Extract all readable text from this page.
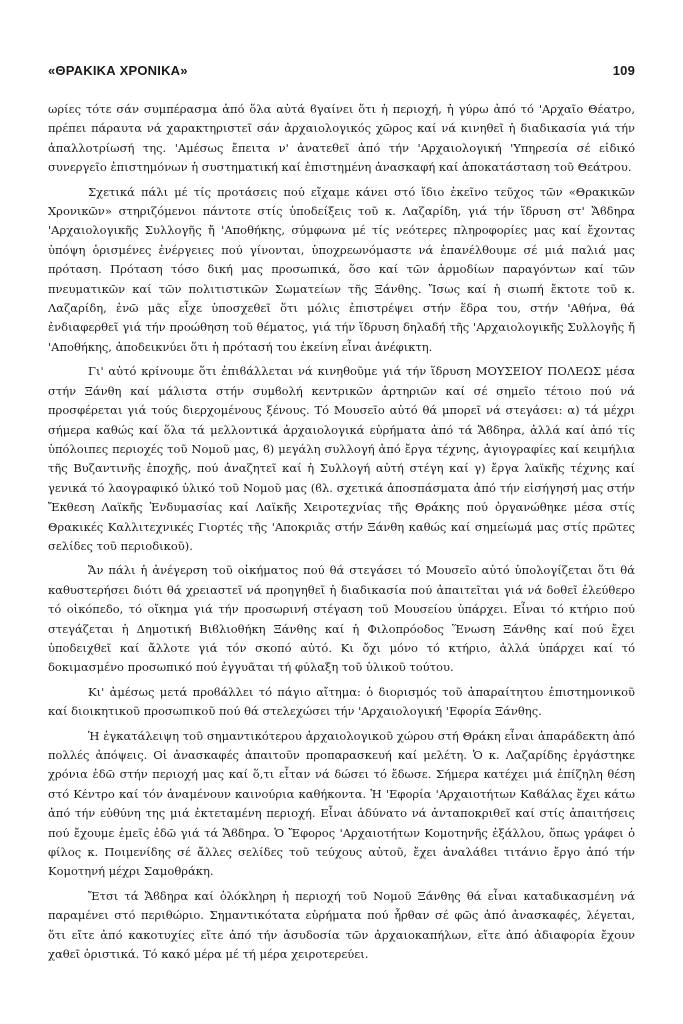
«ΘΡΑΚΙΚΑ ΧΡΟΝΙΚΑ»	109

ωρίες τότε σάν συμπέρασμα ἀπό ὅλα αὐτά ϐγαίνει ὅτι ἡ περιοχή, ἡ γύρω ἀπό τό 'Αρχαῖο Θέατρο, πρέπει πάραυτα νά χαρακτηριστεῖ σάν ἀρχαιολογικός χῶρος καί νά κινηθεῖ ἡ διαδικασία γιά τήν ἀπαλλοτρίωσή της. 'Αμέσως ἔπειτα ν' ἀνατεθεῖ ἀπό τήν 'Αρχαιολογική 'Υπηρεσία σέ εἰδικό συνεργεῖο ἐπιστημόνων ἡ συστηματική καί ἐπιστημένη ἀνασκαφή καί ἀποκατάσταση τοῦ Θεάτρου.

Σχετικά πάλι μέ τίς προτάσεις πού εἴχαμε κάνει στό ἴδιο ἐκεῖνο τεῦχος τῶν «Θρακικῶν Χρονικῶν» στηριζόμενοι πάντοτε στίς ὑποδείξεις τοῦ κ. Λαζαρίδη, γιά τήν ἵδρυση στ' Ἄϐδηρα 'Αρχαιολογικῆς Συλλογῆς ἤ 'Αποθήκης, σύμφωνα μέ τίς νεότερες πληροφορίες μας καί ἔχοντας ὑπόψη ὁρισμένες ἐνέργειες πού γίνονται, ὑποχρεωνόμαστε νά ἐπανέλθουμε σέ μιά παλιά μας πρόταση. Πρόταση τόσο δική μας προσωπικά, ὅσο καί τῶν ἁρμοδίων παραγόντων καί τῶν πνευματικῶν καί τῶν πολιτιστικῶν Σωματείων τῆς Ξάνθης. Ἴσως καί ἡ σιωπή ἔκτοτε τοῦ κ. Λαζαρίδη, ἐνῶ μᾶς εἶχε ὑποσχεθεῖ ὅτι μόλις ἐπιστρέψει στήν ἕδρα του, στήν 'Αθήνα, θά ἐνδιαφερθεῖ γιά τήν προώθηση τοῦ θέματος, γιά τήν ἵδρυση δηλαδή τῆς 'Αρχαιολογικῆς Συλλογῆς ἤ 'Αποθήκης, ἀποδεικνύει ὅτι ἡ πρότασή του ἐκείνη εἶναι ἀνέφικτη.

Γι' αὐτό κρίνουμε ὅτι ἐπιϐάλλεται νά κινηθοῦμε γιά τήν ἵδρυση ΜΟΥΣΕΙΟΥ ΠΟΛΕΩΣ μέσα στήν Ξάνθη καί μάλιστα στήν συμϐολή κεντρικῶν ἀρτηριῶν καί σέ σημεῖο τέτοιο πού νά προσφέρεται γιά τούς διερχομένους ξένους. Τό Μουσεῖο αὐτό θά μπορεῖ νά στεγάσει: α) τά μέχρι σήμερα καθώς καί ὅλα τά μελλοντικά ἀρχαιολογικά εὑρήματα ἀπό τά Ἄϐδηρα, ἀλλά καί ἀπό τίς ὑπόλοιπες περιοχές τοῦ Νομοῦ μας, ϐ) μεγάλη συλλογή ἀπό ἔργα τέχνης, ἁγιογραφίες καί κειμήλια τῆς Βυζαντινῆς ἐποχῆς, πού ἀναζητεῖ καί ἡ Συλλογή αὐτή στέγη καί γ) ἔργα λαϊκῆς τέχνης καί γενικά τό λαογραφικό ὑλικό τοῦ Νομοῦ μας (ϐλ. σχετικά ἀποσπάσματα ἀπό τήν εἰσήγησή μας στήν Ἔκθεση Λαϊκῆς Ἐνδυμασίας καί Λαϊκῆς Χειροτεχνίας τῆς Θράκης πού ὀργανώθηκε μέσα στίς Θρακικές Καλλιτεχνικές Γιορτές τῆς 'Αποκριᾶς στήν Ξάνθη καθώς καί σημείωμά μας στίς πρῶτες σελίδες τοῦ περιοδικοῦ).

Ἄν πάλι ἡ ἀνέγερση τοῦ οἰκήματος πού θά στεγάσει τό Μουσεῖο αὐτό ὑπολογίζεται ὅτι θά καθυστερήσει διότι θά χρειαστεῖ νά προηγηθεῖ ἡ διαδικασία πού ἀπαιτεῖται γιά νά δοθεῖ ἐλεύθερο τό οἰκόπεδο, τό οἴκημα γιά τήν προσωρινή στέγαση τοῦ Μουσείου ὑπάρχει. Εἶναι τό κτήριο πού στεγάζεται ἡ Δημοτική Βιϐλιοθήκη Ξάνθης καί ἡ Φιλοπρόοδος Ἕνωση Ξάνθης καί πού ἔχει ὑποδειχθεῖ καί ἄλλοτε γιά τόν σκοπό αὐτό. Κι ὄχι μόνο τό κτήριο, ἀλλά ὑπάρχει καί τό δοκιμασμένο προσωπικό πού ἐγγυᾶται τή φύλαξη τοῦ ὑλικοῦ τούτου.

Κι' ἀμέσως μετά προϐάλλει τό πάγιο αἴτημα: ὁ διορισμός τοῦ ἀπαραίτητου ἐπιστημονικοῦ καί διοικητικοῦ προσωπικοῦ πού θά στελεχώσει τήν 'Αρχαιολογική 'Εφορία Ξάνθης.

Ἡ ἐγκατάλειψη τοῦ σημαντικότερου ἀρχαιολογικοῦ χώρου στή Θράκη εἶναι ἀπαράδεκτη ἀπό πολλές ἀπόψεις. Οἱ ἀνασκαφές ἀπαιτοῦν προπαρασκευή καί μελέτη. Ὁ κ. Λαζαρίδης ἐργάστηκε χρόνια ἐδῶ στήν περιοχή μας καί ὅ,τι εἶταν νά δώσει τό ἔδωσε. Σήμερα κατέχει μιά ἐπίζηλη θέση στό Κέντρο καί τόν ἀναμένουν καινούρια καθήκοντα. Ἡ 'Εφορία 'Αρχαιοτήτων Καϐάλας ἔχει κάτω ἀπό τήν εὐθύνη της μιά ἐκτεταμένη περιοχή. Εἶναι ἀδύνατο νά ἀνταποκριθεῖ καί στίς ἀπαιτήσεις πού ἔχουμε ἐμεῖς ἐδῶ γιά τά Ἄϐδηρα. Ὁ Ἔφορος 'Αρχαιοτήτων Κομοτηνῆς ἐξάλλου, ὅπως γράφει ὁ φίλος κ. Ποιμενίδης σέ ἄλλες σελίδες τοῦ τεύχους αὐτοῦ, ἔχει ἀναλάϐει τιτάνιο ἔργο ἀπό τήν Κομοτηνή μέχρι Σαμοθράκη.

Ἔτσι τά Ἄϐδηρα καί ὁλόκληρη ἡ περιοχή τοῦ Νομοῦ Ξάνθης θά εἶναι καταδικασμένη νά παραμένει στό περιθώριο. Σημαντικότατα εὑρήματα πού ἦρθαν σέ φῶς ἀπό ἀνασκαφές, λέγεται, ὅτι εἴτε ἀπό κακοτυχίες εἴτε ἀπό τήν ἀσυδοσία τῶν ἀρχαιοκαπήλων, εἴτε ἀπό ἀδιαφορία ἔχουν χαθεῖ ὁριστικά. Τό κακό μέρα μέ τή μέρα χειροτερεύει.
